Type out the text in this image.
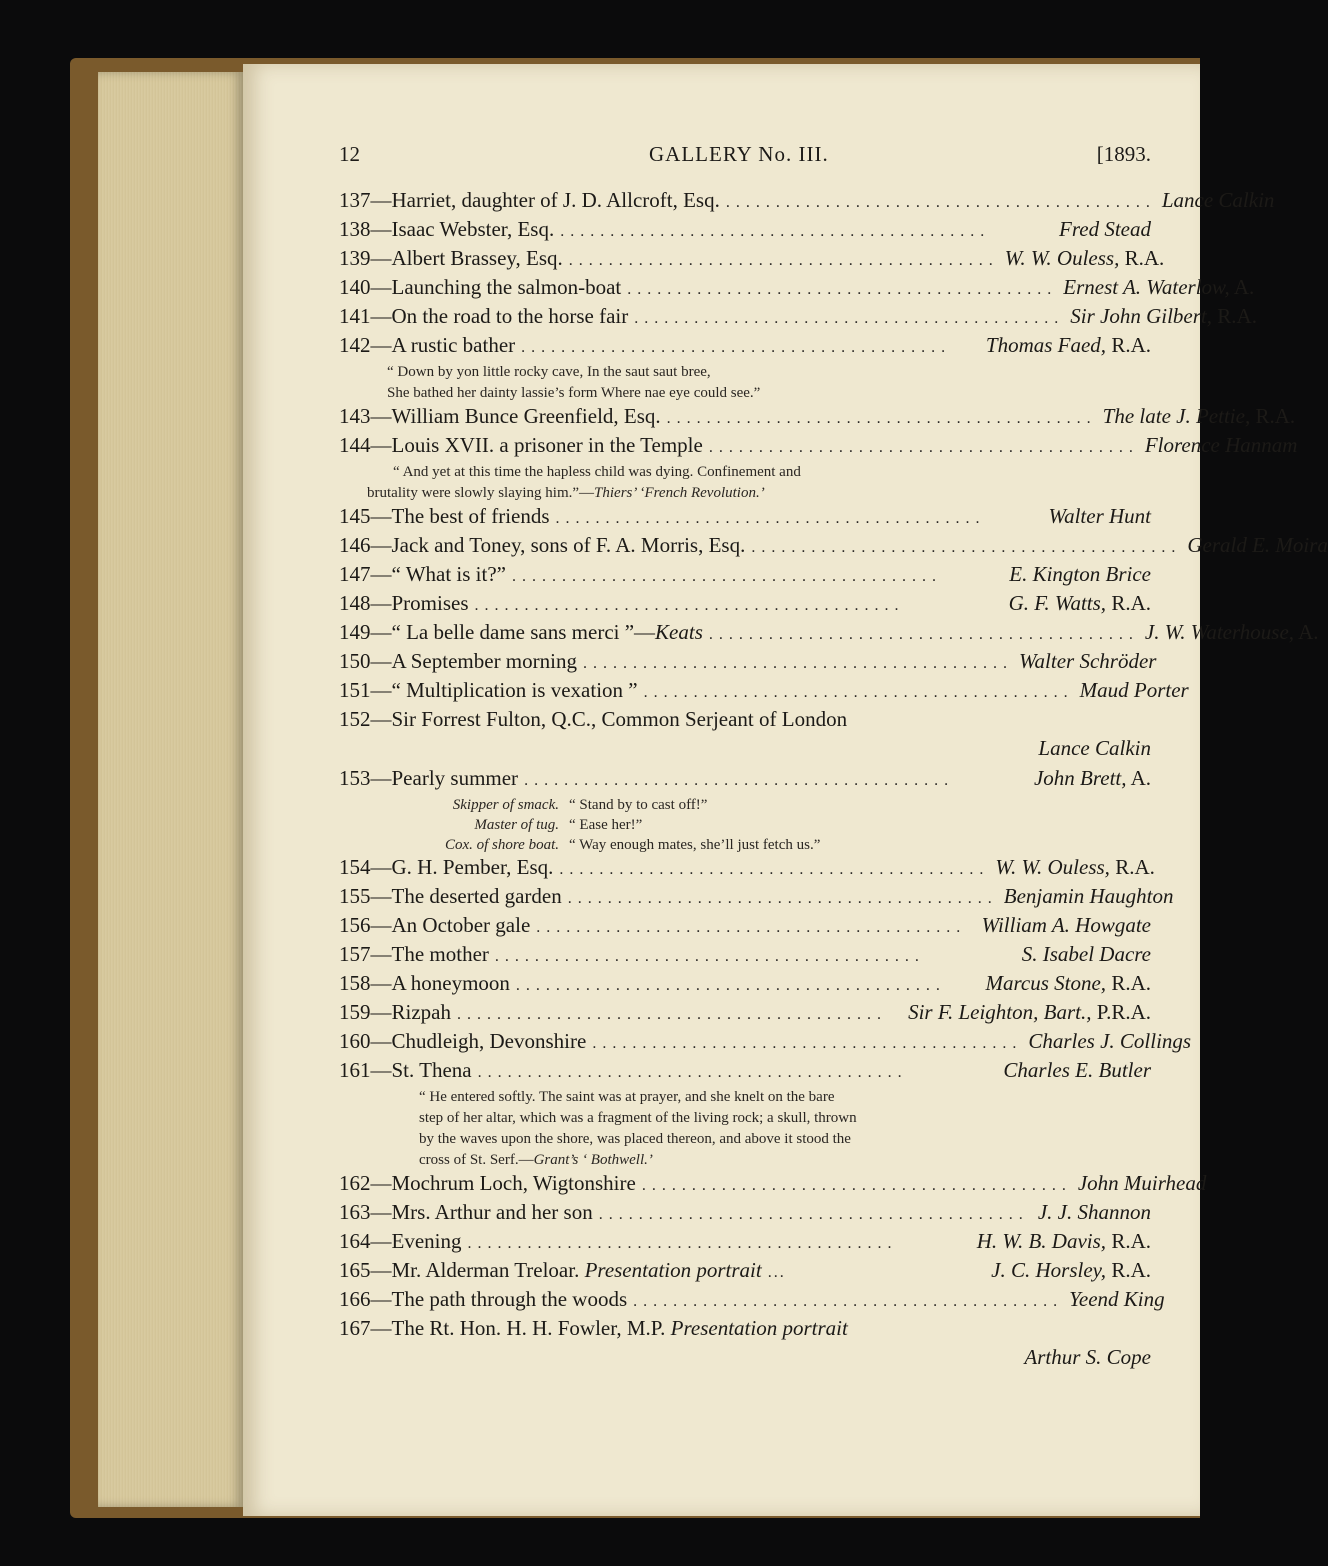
12	GALLERY No. III.	[1893.
137—Harriet, daughter of J. D. Allcroft, Esq. ........................................... Lance Calkin
138—Isaac Webster, Esq. ...........................................	Fred Stead
139—Albert Brassey, Esq. ........................................... W. W. Ouless, R.A.
140—Launching the salmon-boat ........................................... Ernest A. Waterlow, A.
141—On the road to the horse fair ........................................... Sir John Gilbert, R.A.
142—A rustic bather ...........................................	Thomas Faed, R.A.
“ Down by yon little rocky cave, In the saut saut bree,
She bathed her dainty lassie’s form Where nae eye could see.”
143—William Bunce Greenfield, Esq. ........................................... The late J. Pettie, R.A.
144—Louis XVII. a prisoner in the Temple ........................................... Florence Hannam
“ And yet at this time the hapless child was dying. Confinement and
brutality were slowly slaying him.”—Thiers’ ‘French Revolution.’
145—The best of friends ...........................................	Walter Hunt
146—Jack and Toney, sons of F. A. Morris, Esq. ........................................... Gerald E. Moira
147—“ What is it?” ...........................................	E. Kington Brice
148—Promises ...........................................	G. F. Watts, R.A.
149—“ La belle dame sans merci ”—Keats ........................................... J. W. Waterhouse, A.
150—A September morning ........................................... Walter Schröder
151—“ Multiplication is vexation ” ........................................... Maud Porter
152—Sir Forrest Fulton, Q.C., Common Serjeant of London
Lance Calkin
153—Pearly summer ...........................................	John Brett, A.
Skipper of smack. “ Stand by to cast off!”
Master of tug. “ Ease her!”
Cox. of shore boat. “ Way enough mates, she’ll just fetch us.”
154—G. H. Pember, Esq. ........................................... W. W. Ouless, R.A.
155—The deserted garden ........................................... Benjamin Haughton
156—An October gale ........................................... William A. Howgate
157—The mother ...........................................	S. Isabel Dacre
158—A honeymoon ...........................................	Marcus Stone, R.A.
159—Rizpah ...........................................	Sir F. Leighton, Bart., P.R.A.
160—Chudleigh, Devonshire ........................................... Charles J. Collings
161—St. Thena ...........................................	Charles E. Butler
“ He entered softly. The saint was at prayer, and she knelt on the bare
step of her altar, which was a fragment of the living rock; a skull, thrown
by the waves upon the shore, was placed thereon, and above it stood the
cross of St. Serf.—Grant’s ‘ Bothwell.’
162—Mochrum Loch, Wigtonshire ........................................... John Muirhead
163—Mrs. Arthur and her son ........................................... J. J. Shannon
164—Evening ...........................................	H. W. B. Davis, R.A.
165—Mr. Alderman Treloar. Presentation portrait ...	J. C. Horsley, R.A.
166—The path through the woods ........................................... Yeend King
167—The Rt. Hon. H. H. Fowler, M.P. Presentation portrait
Arthur S. Cope
